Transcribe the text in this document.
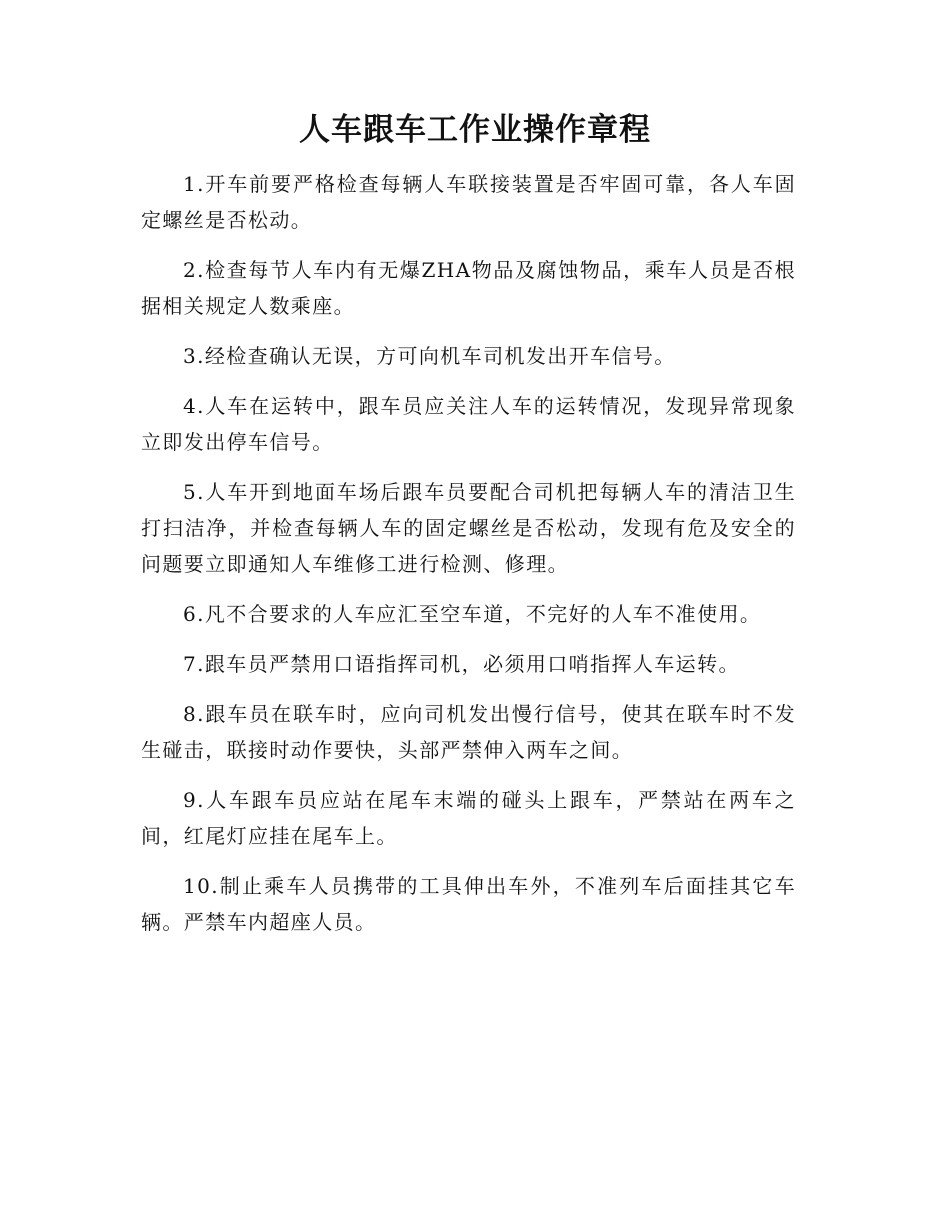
人车跟车工作业操作章程

1.开车前要严格检查每辆人车联接装置是否牢固可靠，各人车固定螺丝是否松动。

2.检查每节人车内有无爆ZHA物品及腐蚀物品，乘车人员是否根据相关规定人数乘座。

3.经检查确认无误，方可向机车司机发出开车信号。

4.人车在运转中，跟车员应关注人车的运转情况，发现异常现象立即发出停车信号。

5.人车开到地面车场后跟车员要配合司机把每辆人车的清洁卫生打扫洁净，并检查每辆人车的固定螺丝是否松动，发现有危及安全的问题要立即通知人车维修工进行检测、修理。

6.凡不合要求的人车应汇至空车道，不完好的人车不准使用。

7.跟车员严禁用口语指挥司机，必须用口哨指挥人车运转。

8.跟车员在联车时，应向司机发出慢行信号，使其在联车时不发生碰击，联接时动作要快，头部严禁伸入两车之间。

9.人车跟车员应站在尾车末端的碰头上跟车，严禁站在两车之间，红尾灯应挂在尾车上。

10.制止乘车人员携带的工具伸出车外，不准列车后面挂其它车辆。严禁车内超座人员。
